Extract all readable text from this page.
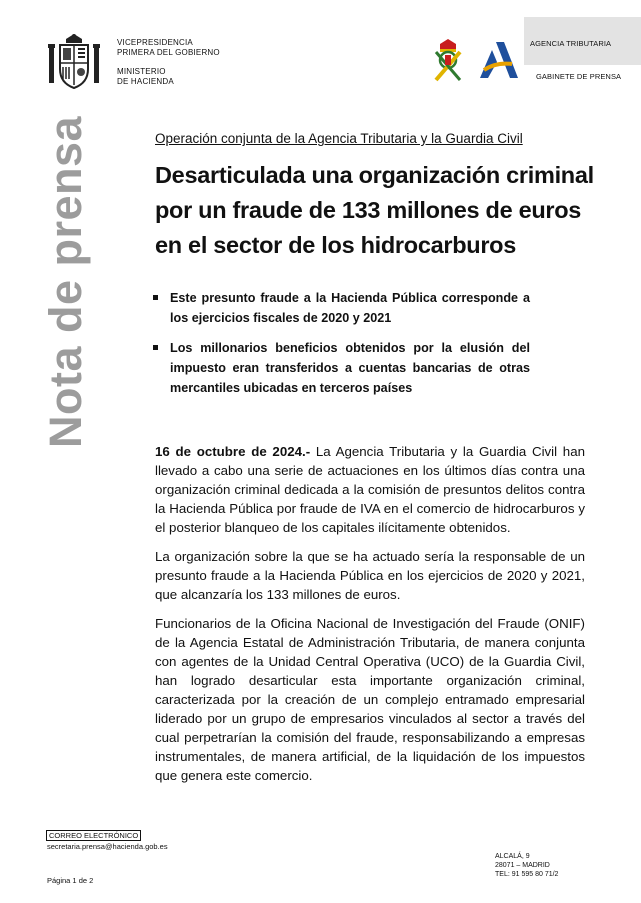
VICEPRESIDENCIA
PRIMERA DEL GOBIERNO
MINISTERIO
DE HACIENDA
AGENCIA TRIBUTARIA
GABINETE DE PRENSA
Nota de prensa	Operación conjunta de la Agencia Tributaria y la Guardia Civil
Desarticulada una organización criminal
por un fraude de 133 millones de euros
en el sector de los hidrocarburos
Este presunto fraude a la Hacienda Pública corresponde a los ejercicios fiscales de 2020 y 2021
Los millonarios beneficios obtenidos por la elusión del impuesto eran transferidos a cuentas bancarias de otras mercantiles ubicadas en terceros países
16 de octubre de 2024.- La Agencia Tributaria y la Guardia Civil han llevado a cabo una serie de actuaciones en los últimos días contra una organización criminal dedicada a la comisión de presuntos delitos contra la Hacienda Pública por fraude de IVA en el comercio de hidrocarburos y el posterior blanqueo de los capitales ilícitamente obtenidos.
La organización sobre la que se ha actuado sería la responsable de un presunto fraude a la Hacienda Pública en los ejercicios de 2020 y 2021, que alcanzaría los 133 millones de euros.
Funcionarios de la Oficina Nacional de Investigación del Fraude (ONIF) de la Agencia Estatal de Administración Tributaria, de manera conjunta con agentes de la Unidad Central Operativa (UCO) de la Guardia Civil, han logrado desarticular esta importante organización criminal, caracterizada por la creación de un complejo entramado empresarial liderado por un grupo de empresarios vinculados al sector a través del cual perpetrarían la comisión del fraude, responsabilizando a empresas instrumentales, de manera artificial, de la liquidación de los impuestos que genera este comercio.
CORREO ELECTRÓNICO
secretaria.prensa@hacienda.gob.es
Página 1 de 2
ALCALÁ, 9
28071 – MADRID
TEL: 91 595 80 71/2
